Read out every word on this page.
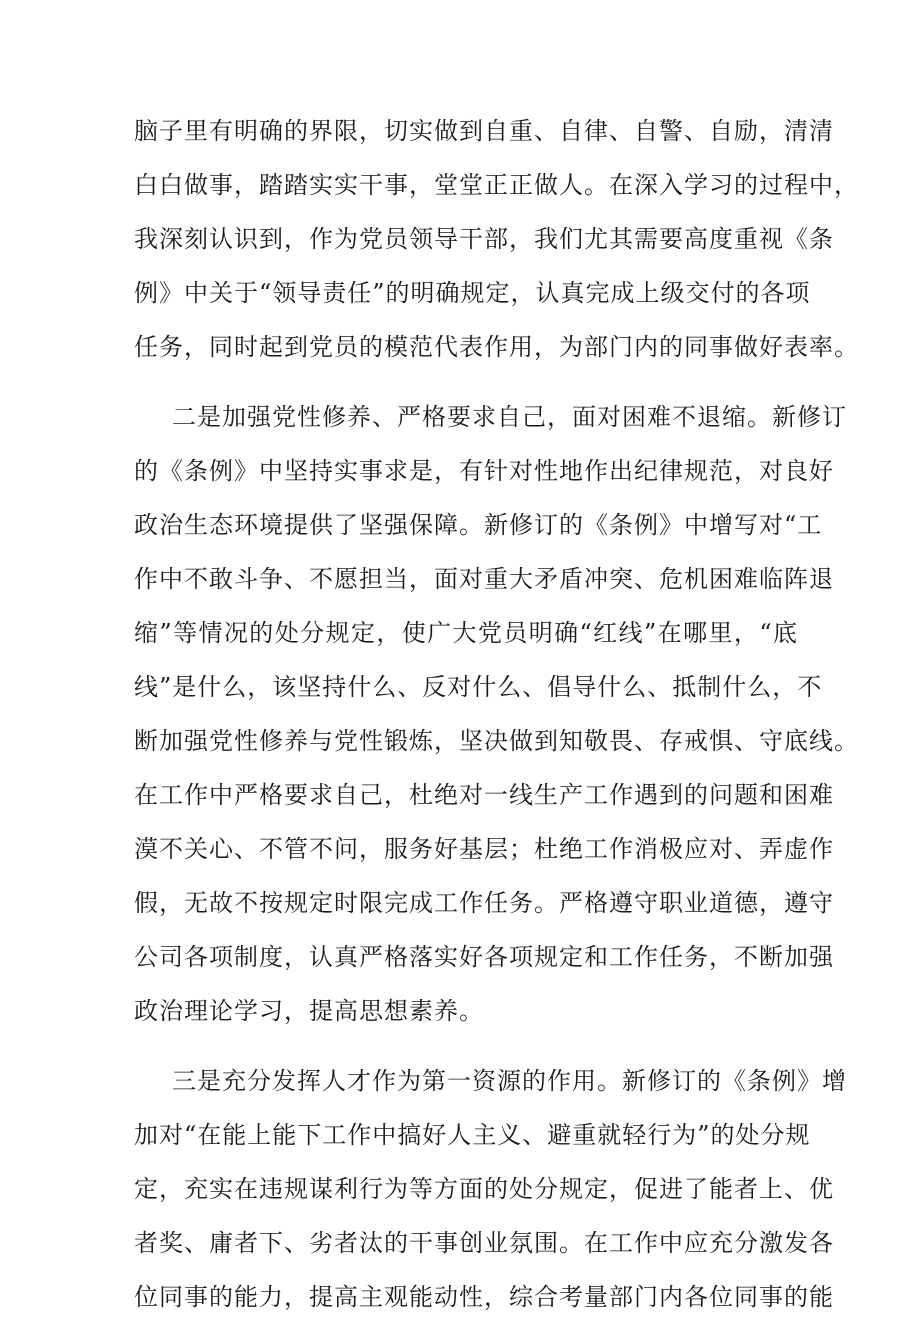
脑子里有明确的界限，切实做到自重、自律、自警、自励，清清
白白做事，踏踏实实干事，堂堂正正做人。在深入学习的过程中，
我深刻认识到，作为党员领导干部，我们尤其需要高度重视《条
例》中关于“领导责任”的明确规定，认真完成上级交付的各项
任务，同时起到党员的模范代表作用，为部门内的同事做好表率。
二是加强党性修养、严格要求自己，面对困难不退缩。新修订
的《条例》中坚持实事求是，有针对性地作出纪律规范，对良好
政治生态环境提供了坚强保障。新修订的《条例》中增写对“工
作中不敢斗争、不愿担当，面对重大矛盾冲突、危机困难临阵退
缩”等情况的处分规定，使广大党员明确“红线”在哪里，“底
线”是什么，该坚持什么、反对什么、倡导什么、抵制什么，不
断加强党性修养与党性锻炼，坚决做到知敬畏、存戒惧、守底线。
在工作中严格要求自己，杜绝对一线生产工作遇到的问题和困难
漠不关心、不管不问，服务好基层；杜绝工作消极应对、弄虚作
假，无故不按规定时限完成工作任务。严格遵守职业道德，遵守
公司各项制度，认真严格落实好各项规定和工作任务，不断加强
政治理论学习，提高思想素养。
三是充分发挥人才作为第一资源的作用。新修订的《条例》增
加对“在能上能下工作中搞好人主义、避重就轻行为”的处分规
定，充实在违规谋利行为等方面的处分规定，促进了能者上、优
者奖、庸者下、劣者汰的干事创业氛围。在工作中应充分激发各
位同事的能力，提高主观能动性，综合考量部门内各位同事的能
